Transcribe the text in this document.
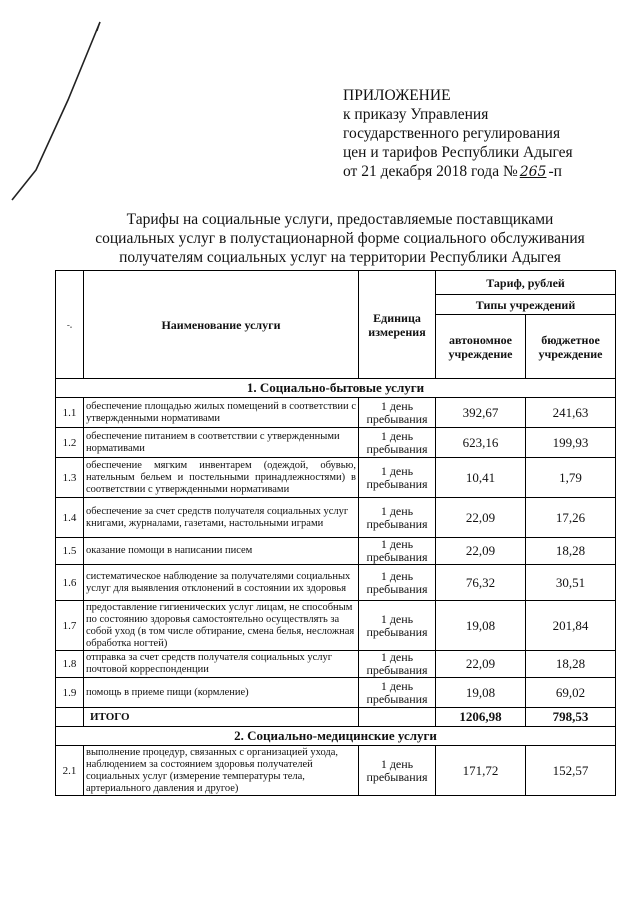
ПРИЛОЖЕНИЕ
к приказу Управления
государственного регулирования
цен и тарифов Республики Адыгея
от 21 декабря 2018 года № 265 -п
Тарифы на социальные услуги, предоставляемые поставщиками
социальных услуг в полустационарной форме социального обслуживания
получателям социальных услуг на территории Республики Адыгея
-.	Наименование услуги	Единица измерения	Тариф, рублей	
			Типы учреждений	
			автономное учреждение	бюджетное учреждение
1. Социально-бытовые услуги				
1.1	обеспечение площадью жилых помещений в соответствии с утвержденными нормативами	1 день пребывания	392,67	241,63
1.2	обеспечение питанием в соответствии с утвержденными нормативами	1 день пребывания	623,16	199,93
1.3	обеспечение мягким инвентарем (одеждой, обувью, нательным бельем и постельными принадлежностями) в соответствии с утвержденными нормативами	1 день пребывания	10,41	1,79
1.4	обеспечение за счет средств получателя социальных услуг книгами, журналами, газетами, настольными играми	1 день пребывания	22,09	17,26
1.5	оказание помощи в написании писем	1 день пребывания	22,09	18,28
1.6	систематическое наблюдение за получателями социальных услуг для выявления отклонений в состоянии их здоровья	1 день пребывания	76,32	30,51
1.7	предоставление гигиенических услуг лицам, не способным по состоянию здоровья самостоятельно осуществлять за собой уход (в том числе обтирание, смена белья, несложная обработка ногтей)	1 день пребывания	19,08	201,84
1.8	отправка за счет средств получателя социальных услуг почтовой корреспонденции	1 день пребывания	22,09	18,28
1.9	помощь в приеме пищи (кормление)	1 день пребывания	19,08	69,02
	ИТОГО		1206,98	798,53
2. Социально-медицинские услуги				
2.1	выполнение процедур, связанных с организацией ухода, наблюдением за состоянием здоровья получателей социальных услуг (измерение температуры тела, артериального давления и другое)	1 день пребывания	171,72	152,57
